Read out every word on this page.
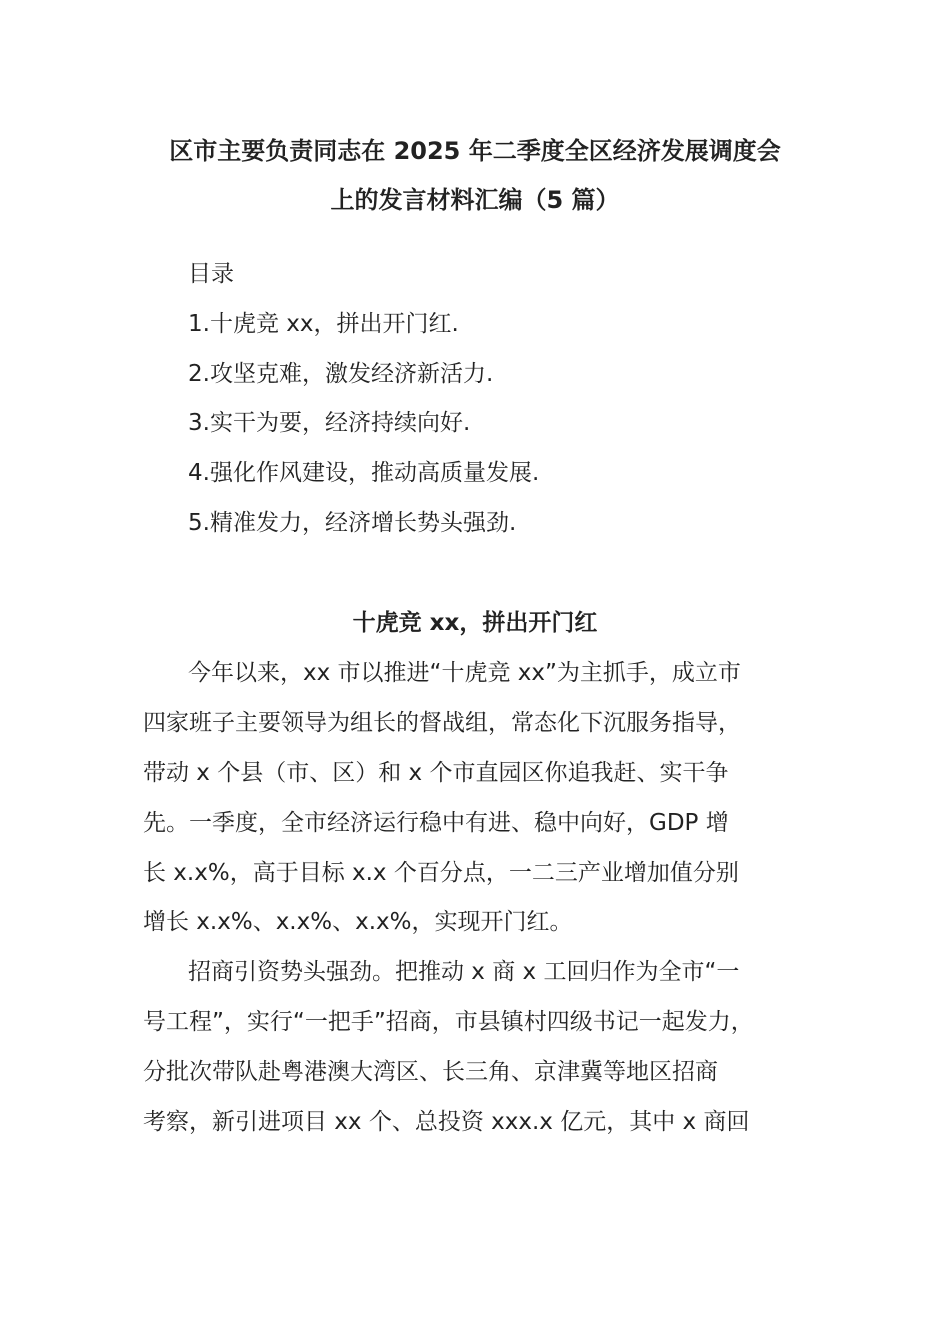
区市主要负责同志在 2025 年二季度全区经济发展调度会
上的发言材料汇编（5 篇）
目录
1.十虎竞 xx，拼出开门红.
2.攻坚克难，激发经济新活力.
3.实干为要，经济持续向好.
4.强化作风建设，推动高质量发展.
5.精准发力，经济增长势头强劲.
十虎竞 xx，拼出开门红
今年以来，xx 市以推进“十虎竞 xx”为主抓手，成立市
四家班子主要领导为组长的督战组，常态化下沉服务指导，
带动 x 个县（市、区）和 x 个市直园区你追我赶、实干争
先。一季度，全市经济运行稳中有进、稳中向好，GDP 增
长 x.x%，高于目标 x.x 个百分点，一二三产业增加值分别
增长 x.x%、x.x%、x.x%，实现开门红。
招商引资势头强劲。把推动 x 商 x 工回归作为全市“一
号工程”，实行“一把手”招商，市县镇村四级书记一起发力，
分批次带队赴粤港澳大湾区、长三角、京津冀等地区招商
考察，新引进项目 xx 个、总投资 xxx.x 亿元，其中 x 商回
